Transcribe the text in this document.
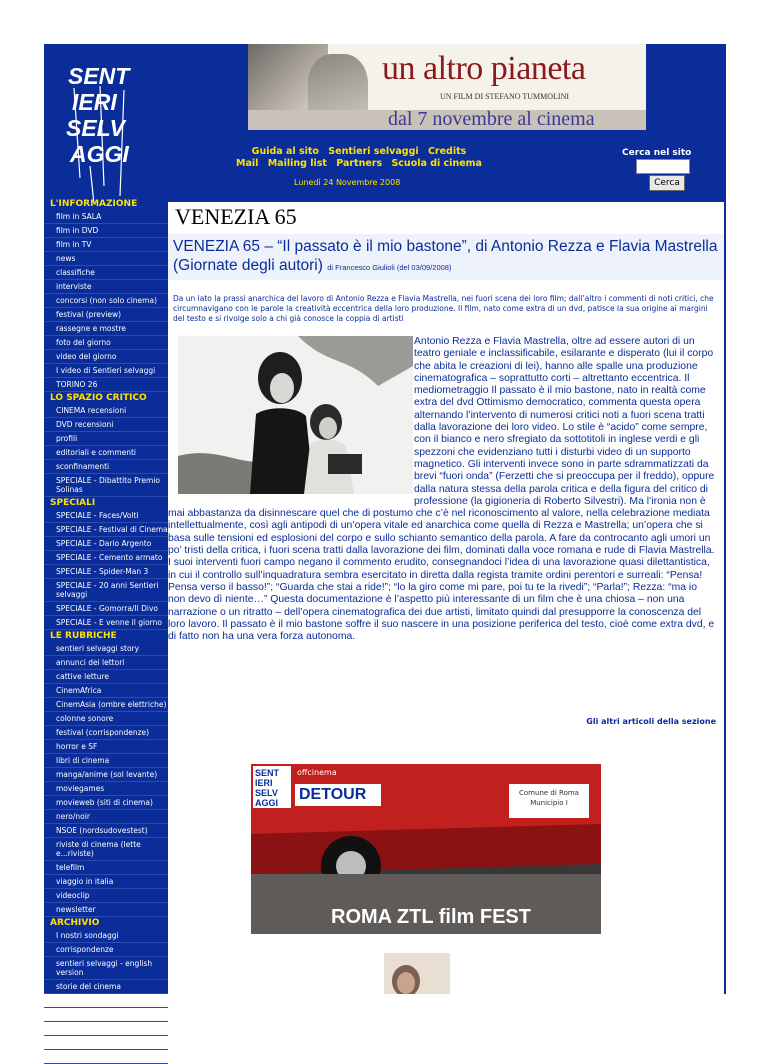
SENT
IERI
SELV
AGGI
un altro pianeta
UN FILM DI STEFANO TUMMOLINI
dal 7 novembre al cinema
Guida al sito Sentieri selvaggi Credits
Mail Mailing list Partners Scuola di cinema
Lunedì 24 Novembre 2008
Cerca nel sito
Cerca
L'INFORMAZIONE
film in SALA
film in DVD
film in TV
news
classifiche
interviste
concorsi (non solo cinema)
festival (preview)
rassegne e mostre
foto del giorno
video del giorno
I video di Sentieri selvaggi
TORINO 26
LO SPAZIO CRITICO
CINEMA recensioni
DVD recensioni
profili
editoriali e commenti
sconfinamenti
SPECIALE - Dibattito Premio Solinas
SPECIALI
SPECIALE - Faces/Volti
SPECIALE - Festival di Cinema
SPECIALE - Dario Argento
SPECIALE - Cemento armato
SPECIALE - Spider-Man 3
SPECIALE - 20 anni Sentieri selvaggi
SPECIALE - Gomorra/Il Divo
SPECIALE - E venne il giorno
LE RUBRICHE
sentieri selvaggi story
annunci dei lettori
cattive letture
CinemAfrica
CinemAsia (ombre elettriche)
colonne sonore
festival (corrispondenze)
horror e SF
libri di cinema
manga/anime (sol levante)
moviegames
movieweb (siti di cinema)
nero/noir
NSOE (nordsudovestest)
riviste di cinema (lette e...riviste)
telefilm
viaggio in italia
videoclip
newsletter
ARCHIVIO
I nostri sondaggi
corrispondenze
sentieri selvaggi - english version
storie del cinema
GERMANIA 2006
BERLINALE 57
Asian Film Festival 2006
Asian Film Festival 2007
Archivio Venezia
VENEZIA 65
VENEZIA 65 – “Il passato è il mio bastone”, di Antonio Rezza e Flavia Mastrella (Giornate degli autori) di Francesco Giulioli (del 03/09/2008)
Da un lato la prassi anarchica del lavoro di Antonio Rezza e Flavia Mastrella, nei fuori scena dei loro film; dall’altro i commenti di noti critici, che circumnavigano con le parole la creatività eccentrica della loro produzione. Il film, nato come extra di un dvd, patisce la sua origine ai margini del testo e si rivolge solo a chi già conosce la coppia di artisti
Antonio Rezza e Flavia Mastrella, oltre ad essere autori di un teatro geniale e inclassificabile, esilarante e disperato (lui il corpo che abita le creazioni di lei), hanno alle spalle una produzione cinematografica – soprattutto corti – altrettanto eccentrica. Il mediometraggio Il passato è il mio bastone, nato in realtà come extra del dvd Ottimismo democratico, commenta questa opera alternando l’intervento di numerosi critici noti a fuori scena tratti dalla lavorazione dei loro video. Lo stile è “acido” come sempre, con il bianco e nero sfregiato da sottotitoli in inglese verdi e gli spezzoni che evidenziano tutti i disturbi video di un supporto magnetico. Gli interventi invece sono in parte sdrammatizzati da brevi “fuori onda” (Ferzetti che si preoccupa per il freddo), oppure dalla natura stessa della parola critica e della figura del critico di professione (la gigioneria di Roberto Silvestri). Ma l’ironia non è mai abbastanza da disinnescare quel che di postumo che c’è nel riconoscimento al valore, nella celebrazione mediata intellettualmente, così agli antipodi di un’opera vitale ed anarchica come quella di Rezza e Mastrella; un’opera che si basa sulle tensioni ed esplosioni del corpo e sullo schianto semantico della parola. A fare da controcanto agli umori un po’ tristi della critica, i fuori scena tratti dalla lavorazione dei film, dominati dalla voce romana e rude di Flavia Mastrella. I suoi interventi fuori campo negano il commento erudito, consegnandoci l’idea di una lavorazione quasi dilettantistica, in cui il controllo sull’inquadratura sembra esercitato in diretta dalla regista tramite ordini perentori e surreali: “Pensa! Pensa verso il basso!”; “Guarda che stai a ride!”; “lo la giro come mi pare, poi tu te la rivedi”; “Parla!”; Rezza: “ma io non devo dì niente…” Questa documentazione è l’aspetto più interessante di un film che è una chiosa – non una narrazione o un ritratto – dell’opera cinematografica dei due artisti, limitato quindi dal presupporre la conoscenza del loro lavoro. Il passato è il mio bastone soffre il suo nascere in una posizione periferica del testo, cioè come extra dvd, e di fatto non ha una vera forza autonoma.
Gli altri articoli della sezione
SENT
IERI
SELV
AGGI
offcinema
DETOUR	Comune di Roma Municipio I
ROMA ZTL film FEST
